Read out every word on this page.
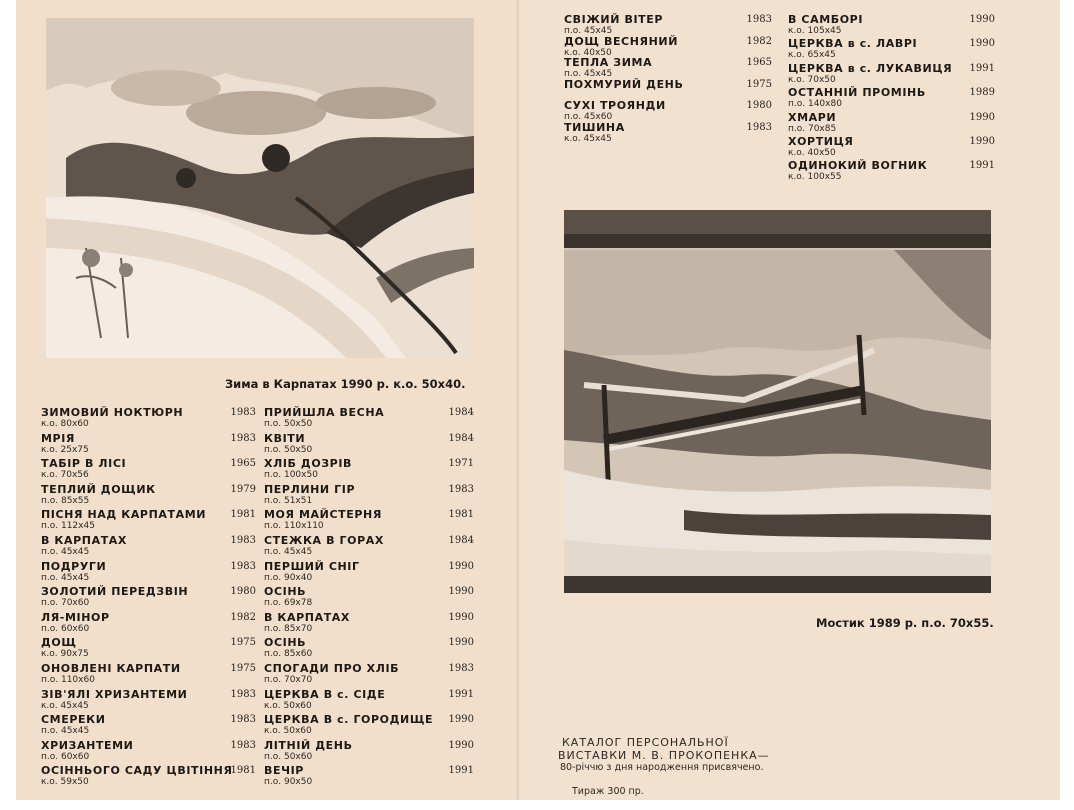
Зима в Карпатах 1990 р. к.о. 50х40.
ЗИМОВИЙ НОКТЮРН
к.о. 80х60
1983
МРІЯ
к.о. 25х75
1983
ТАБІР В ЛІСІ
к.о. 70х56
1965
ТЕПЛИЙ ДОЩИК
п.о. 85х55
1979
ПІСНЯ НАД КАРПАТАМИ
п.о. 112х45
1981
В КАРПАТАХ
п.о. 45х45
1983
ПОДРУГИ
п.о. 45х45
1983
ЗОЛОТИЙ ПЕРЕДЗВІН
п.о. 70х60
1980
ЛЯ-МІНОР
п.о. 60х60
1982
ДОЩ
к.о. 90х75
1975
ОНОВЛЕНІ КАРПАТИ
п.о. 110х60
1975
ЗІВ'ЯЛІ ХРИЗАНТЕМИ
к.о. 45х45
1983
СМЕРЕКИ
п.о. 45х45
1983
ХРИЗАНТЕМИ
п.о. 60х60
1983
ОСІННЬОГО САДУ ЦВІТІННЯ
к.о. 59х50
1981
ПРИЙШЛА ВЕСНА
п.о. 50х50
1984
КВІТИ
п.о. 50х50
1984
ХЛІБ ДОЗРІВ
п.о. 100х50
1971
ПЕРЛИНИ ГІР
п.о. 51х51
1983
МОЯ МАЙСТЕРНЯ
п.о. 110х110
1981
СТЕЖКА В ГОРАХ
п.о. 45х45
1984
ПЕРШИЙ СНІГ
п.о. 90х40
1990
ОСІНЬ
п.о. 69х78
1990
В КАРПАТАХ
п.о. 85х70
1990
ОСІНЬ
п.о. 85х60
1990
СПОГАДИ ПРО ХЛІБ
п.о. 70х70
1983
ЦЕРКВА В с. СІДЕ
к.о. 50х60
1991
ЦЕРКВА В с. ГОРОДИЩЕ
к.о. 50х60
1990
ЛІТНІЙ ДЕНЬ
п.о. 50х60
1990
ВЕЧІР
п.о. 90х50
1991
СВІЖИЙ ВІТЕР
п.о. 45х45
1983
ДОЩ ВЕСНЯНИЙ
к.о. 40х50
1982
ТЕПЛА ЗИМА
п.о. 45х45
1965
ПОХМУРИЙ ДЕНЬ	1975
СУХІ ТРОЯНДИ
п.о. 45х60
1980
ТИШИНА
к.о. 45х45
1983
В САМБОРІ
к.о. 105х45
1990
ЦЕРКВА в с. ЛАВРІ
к.о. 65х45
1990
ЦЕРКВА в с. ЛУКАВИЦЯ
к.о. 70х50
1991
ОСТАННІЙ ПРОМІНЬ
п.о. 140х80
1989
ХМАРИ
п.о. 70х85
1990
ХОРТИЦЯ
к.о. 40х50
1990
ОДИНОКИЙ ВОГНИК
к.о. 100х55
1991
Мостик 1989 р. п.о. 70х55.
КАТАЛОГ ПЕРСОНАЛЬНОЇ
ВИСТАВКИ М. В. ПРОКОПЕНКА—
80-річчю з дня народження присвячено.
Тираж 300 пр.
